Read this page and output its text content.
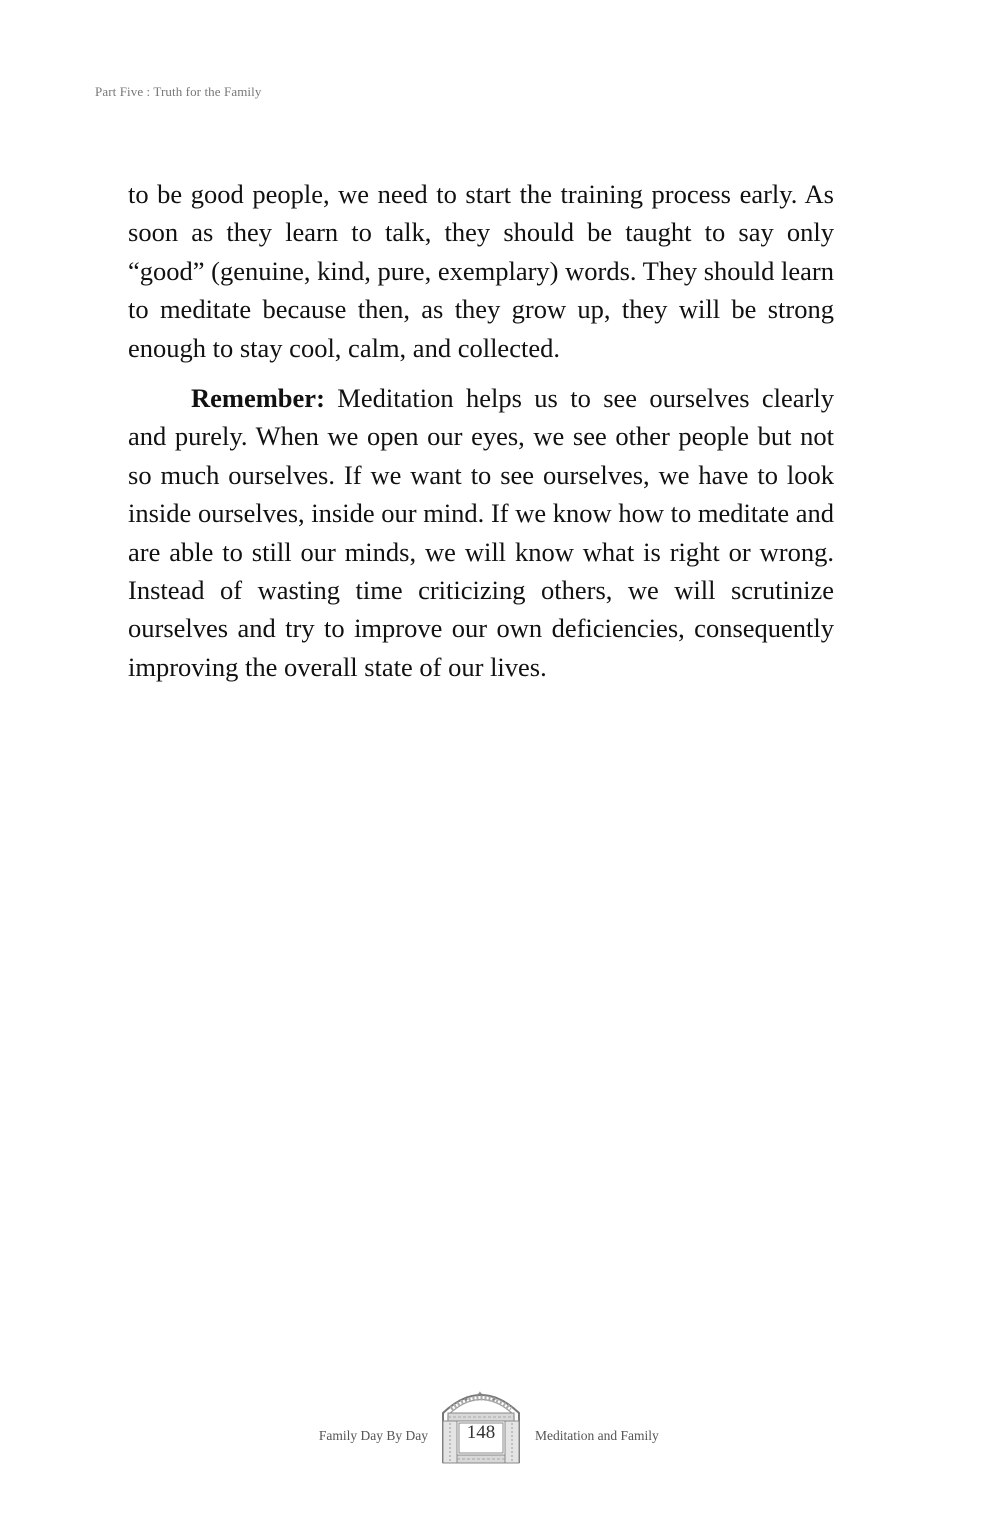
Part Five : Truth for the Family

to be good people, we need to start the training process early. As soon as they learn to talk, they should be taught to say only “good” (genuine, kind, pure, exemplary) words. They should learn to meditate because then, as they grow up, they will be strong enough to stay cool, calm, and collected.

Remember: Meditation helps us to see ourselves clearly and purely. When we open our eyes, we see other people but not so much ourselves. If we want to see ourselves, we have to look inside ourselves, inside our mind. If we know how to meditate and are able to still our minds, we will know what is right or wrong. Instead of wasting time criticizing others, we will scrutinize ourselves and try to improve our own deficiencies, consequently improving the overall state of our lives.

Family Day By Day
✦
✦
✦
148	Meditation and Family
